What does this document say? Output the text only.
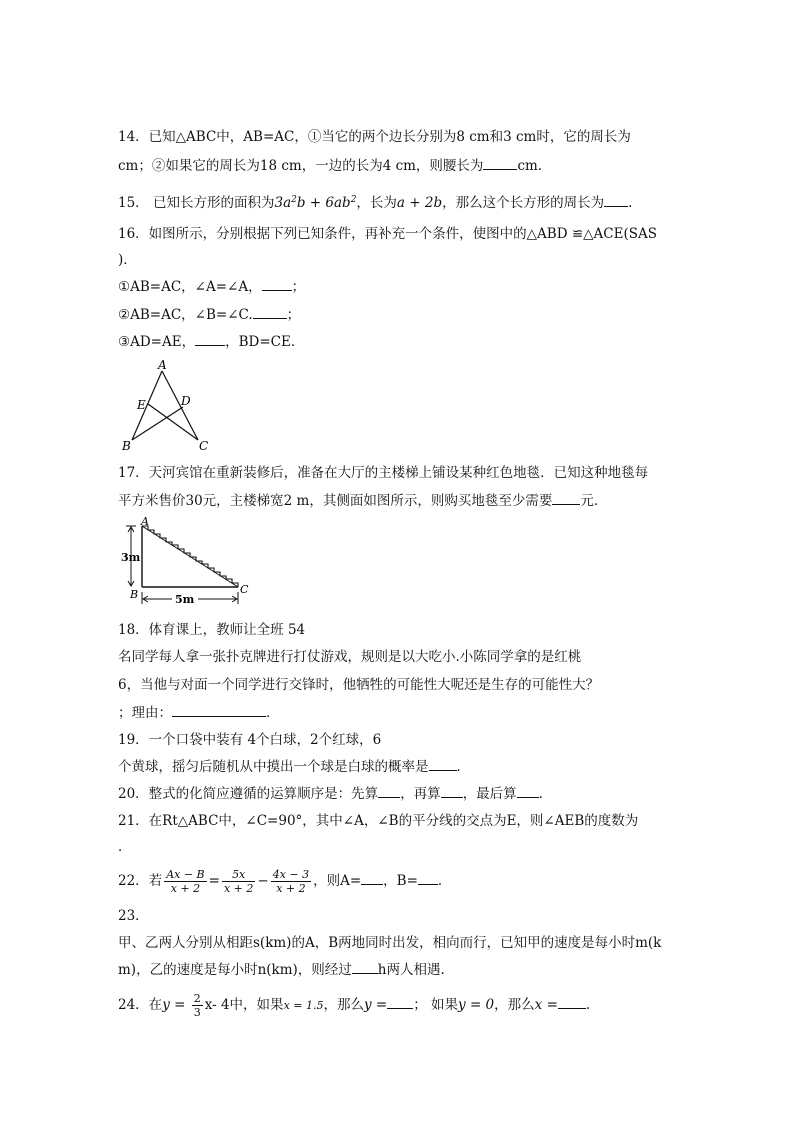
14．已知△ABC中，AB=AC，①当它的两个边长分别为8 cm和3 cm时，它的周长为
cm；②如果它的周长为18 cm，一边的长为4 cm，则腰长为	cm.
15． 已知长方形的面积为$3a^2b + 6ab^2$，长为a + 2b，那么这个长方形的周长为 .
16．如图所示，分别根据下列已知条件，再补充一个条件，使图中的△ABD ≌△ACE(SAS
)．
①AB=AC，∠A=∠A， ；
②AB=AC，∠B=∠C.	；
③AD=AE， ，BD=CE．
A
B	C
D
E
17．天河宾馆在重新装修后，准备在大厅的主楼梯上铺设某种红色地毯．已知这种地毯每
平方米售价30元，主楼梯宽2 m，其侧面如图所示，则购买地毯至少需要 元．
A
B	C
3m
5m
18．体育课上，教师让全班 54
名同学每人拿一张扑克牌进行打仗游戏，规则是以大吃小.小陈同学拿的是红桃
6，当他与对面一个同学进行交锋时，他牺牲的可能性大呢还是生存的可能性大？
；理由：	．
19．一个口袋中装有 4个白球，2个红球，6
个黄球，摇匀后随机从中摸出一个球是白球的概率是 ．
20．整式的化简应遵循的运算顺序是：先算 ，再算 ，最后算 ．
21．在Rt△ABC中，∠C=90°，其中∠A，∠B的平分线的交点为E，则∠AEB的度数为
．
22．若 $\frac{Ax - B}{x + 2} = \frac{5x}{x + 2} - \frac{4x - 3}{x + 2}$ ，则A= ，B= ．
23．
甲、乙两人分别从相距s(km)的A，B两地同时出发，相向而行，已知甲的速度是每小时m(k
m)，乙的速度是每小时n(km)，则经过 h两人相遇.
24．在$y = \frac{2}{3} x-$ 4中，如果x = 1.5，那么y = ； 如果y = 0，那么x = .
